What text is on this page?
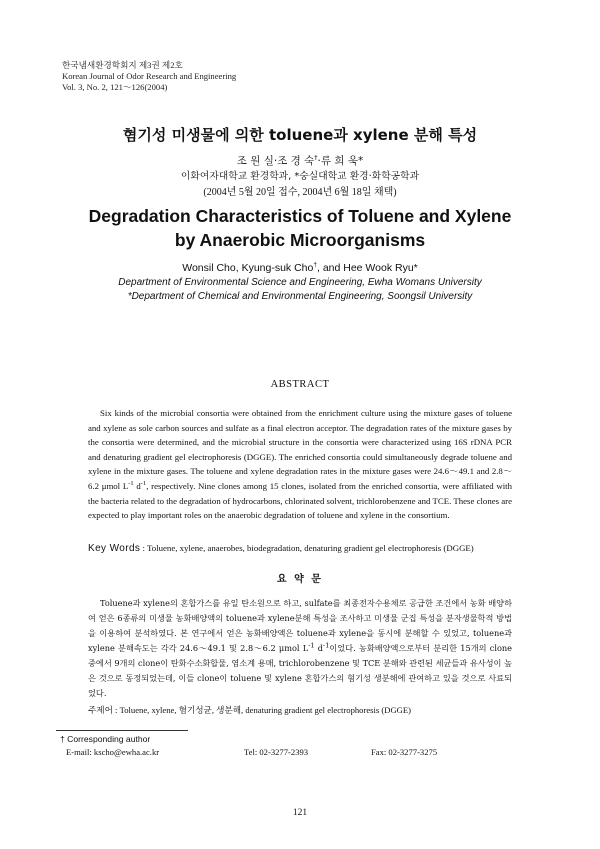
한국냄새환경학회지 제3권 제2호
Korean Journal of Odor Research and Engineering
Vol. 3, No. 2, 121～126(2004)
혐기성 미생물에 의한 toluene과 xylene 분해 특성
조 원 실·조 경 숙†·류 희 욱*
이화여자대학교 환경학과, *숭실대학교 환경·화학공학과
(2004년 5월 20일 접수, 2004년 6월 18일 채택)
Degradation Characteristics of Toluene and Xylene by Anaerobic Microorganisms
Wonsil Cho, Kyung-suk Cho†, and Hee Wook Ryu*
Department of Environmental Science and Engineering, Ewha Womans University
*Department of Chemical and Environmental Engineering, Soongsil University
ABSTRACT

Six kinds of the microbial consortia were obtained from the enrichment culture using the mixture gases of toluene and xylene as sole carbon sources and sulfate as a final electron acceptor. The degradation rates of the mixture gases by the consortia were determined, and the microbial structure in the consortia were characterized using 16S rDNA PCR and denaturing gradient gel electrophoresis (DGGE). The enriched consortia could simultaneously degrade toluene and xylene in the mixture gases. The toluene and xylene degradation rates in the mixture gases were 24.6～49.1 and 2.8～6.2 μmol $L^{-1}$ $d^{-1}$, respectively. Nine clones among 15 clones, isolated from the enriched consortia, were affiliated with the bacteria related to the degradation of hydrocarbons, chlorinated solvent, trichlorobenzene and TCE. These clones are expected to play important roles on the anaerobic degradation of toluene and xylene in the consortium.

Key Words : Toluene, xylene, anaerobes, biodegradation, denaturing gradient gel electrophoresis (DGGE)
요 약 문

Toluene과 xylene의 혼합가스를 유일 탄소원으로 하고, sulfate를 최종전자수용체로 공급한 조건에서 농화 배양하여 얻은 6종류의 미생물 농화배양액의 toluene과 xylene분해 특성을 조사하고 미생물 군집 특성을 분자생물학적 방법을 이용하여 분석하였다. 본 연구에서 얻은 농화배양액은 toluene과 xylene을 동시에 분해할 수 있었고, toluene과 xylene 분해속도는 각각 24.6～49.1 및 2.8～6.2 μmol $L^{-1}$ $d^{-1}$이었다. 농화배양액으로부터 분리한 15개의 clone 중에서 9개의 clone이 탄화수소화합물, 염소계 용매, trichlorobenzene 및 TCE 분해와 관련된 세균들과 유사성이 높은 것으로 동정되었는데, 이들 clone이 toluene 및 xylene 혼합가스의 혐기성 생분해에 관여하고 있을 것으로 사료되었다.

주제어 : Toluene, xylene, 혐기성균, 생분해, denaturing gradient gel electrophoresis (DGGE)
† Corresponding author
E-mail: kscho@ewha.ac.kr	Tel: 02-3277-2393	Fax: 02-3277-3275
121
